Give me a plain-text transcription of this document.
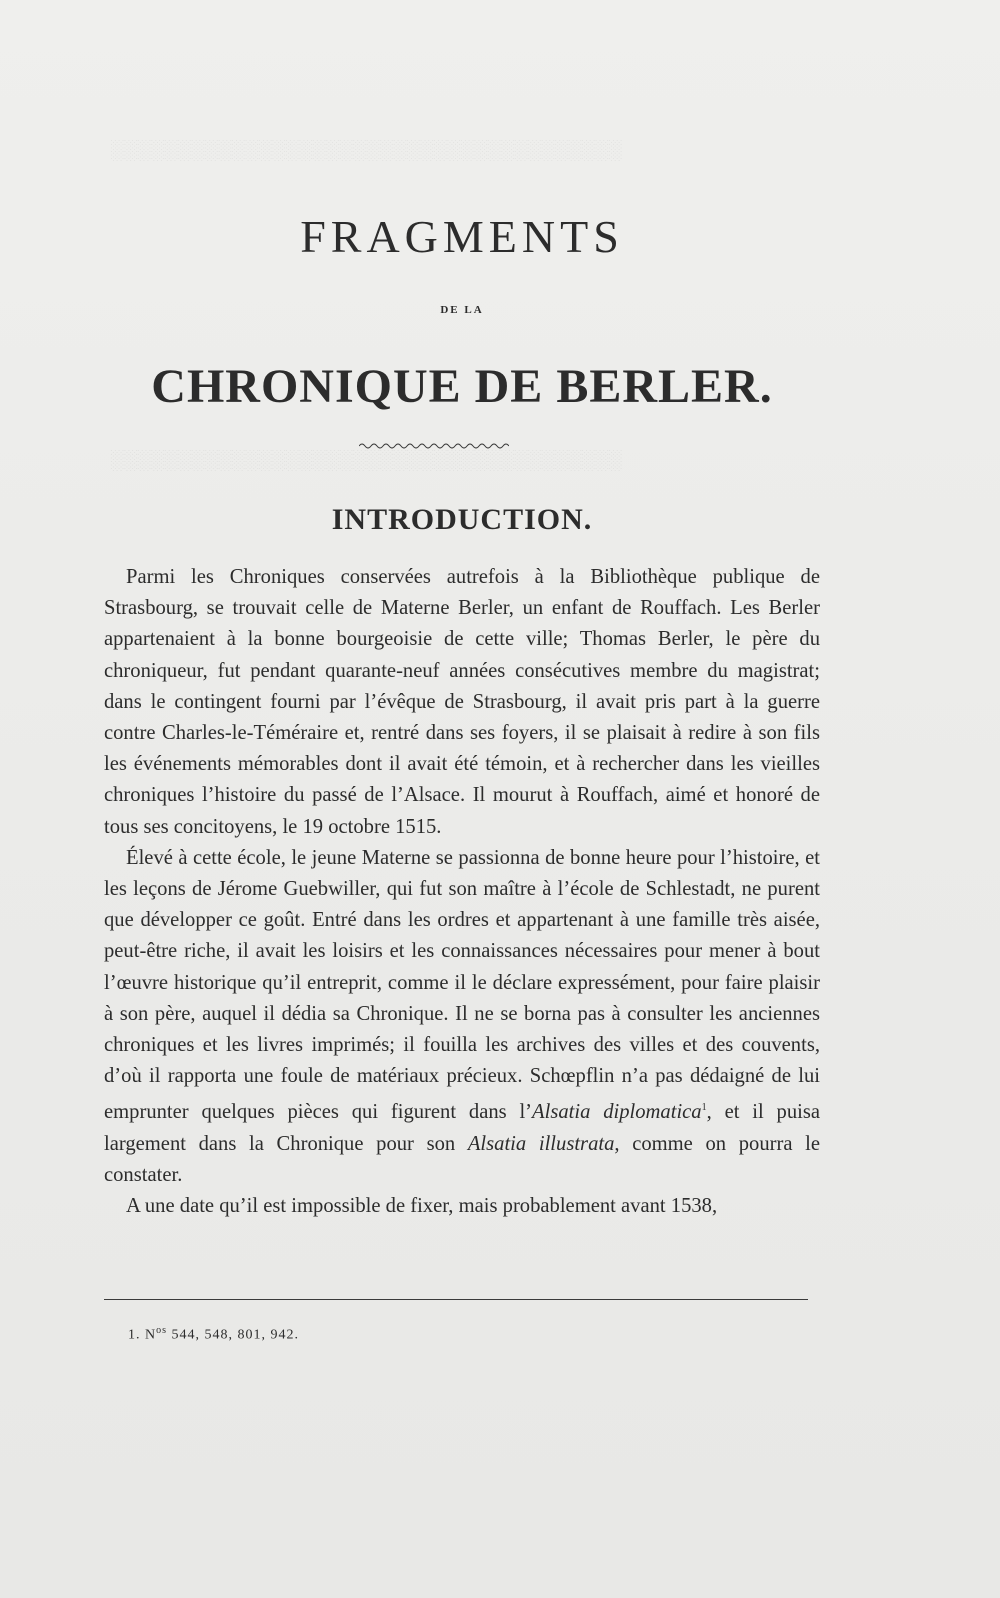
░░░░░░░░░░░░░░░░░░░░░░░░░░░░░░░░░░░░░░
░░░░░░░░░░░░░░░░░░░░░░░░░░░░░░░░░░░░░░
FRAGMENTS
DE LA
CHRONIQUE DE BERLER.
INTRODUCTION.

Parmi les Chroniques conservées autrefois à la Bibliothèque publique de Strasbourg, se trouvait celle de Materne Berler, un enfant de Rouffach. Les Berler appartenaient à la bonne bourgeoisie de cette ville; Thomas Berler, le père du chroniqueur, fut pendant quarante-neuf années consécutives membre du magistrat; dans le contingent fourni par l’évêque de Strasbourg, il avait pris part à la guerre contre Charles-le-Téméraire et, rentré dans ses foyers, il se plaisait à redire à son fils les événements mémorables dont il avait été témoin, et à rechercher dans les vieilles chroniques l’histoire du passé de l’Alsace. Il mourut à Rouffach, aimé et honoré de tous ses concitoyens, le 19 octobre 1515.

Élevé à cette école, le jeune Materne se passionna de bonne heure pour l’histoire, et les leçons de Jérome Guebwiller, qui fut son maître à l’école de Schlestadt, ne purent que développer ce goût. Entré dans les ordres et appartenant à une famille très aisée, peut-être riche, il avait les loisirs et les connaissances nécessaires pour mener à bout l’œuvre historique qu’il entreprit, comme il le déclare expressément, pour faire plaisir à son père, auquel il dédia sa Chronique. Il ne se borna pas à consulter les anciennes chroniques et les livres imprimés; il fouilla les archives des villes et des couvents, d’où il rapporta une foule de matériaux précieux. Schœpflin n’a pas dédaigné de lui emprunter quelques pièces qui figurent dans l’Alsatia diplomatica$^1$, et il puisa largement dans la Chronique pour son Alsatia illustrata, comme on pourra le constater.

A une date qu’il est impossible de fixer, mais probablement avant 1538,

1. $N^{os}$ 544, 548, 801, 942.
